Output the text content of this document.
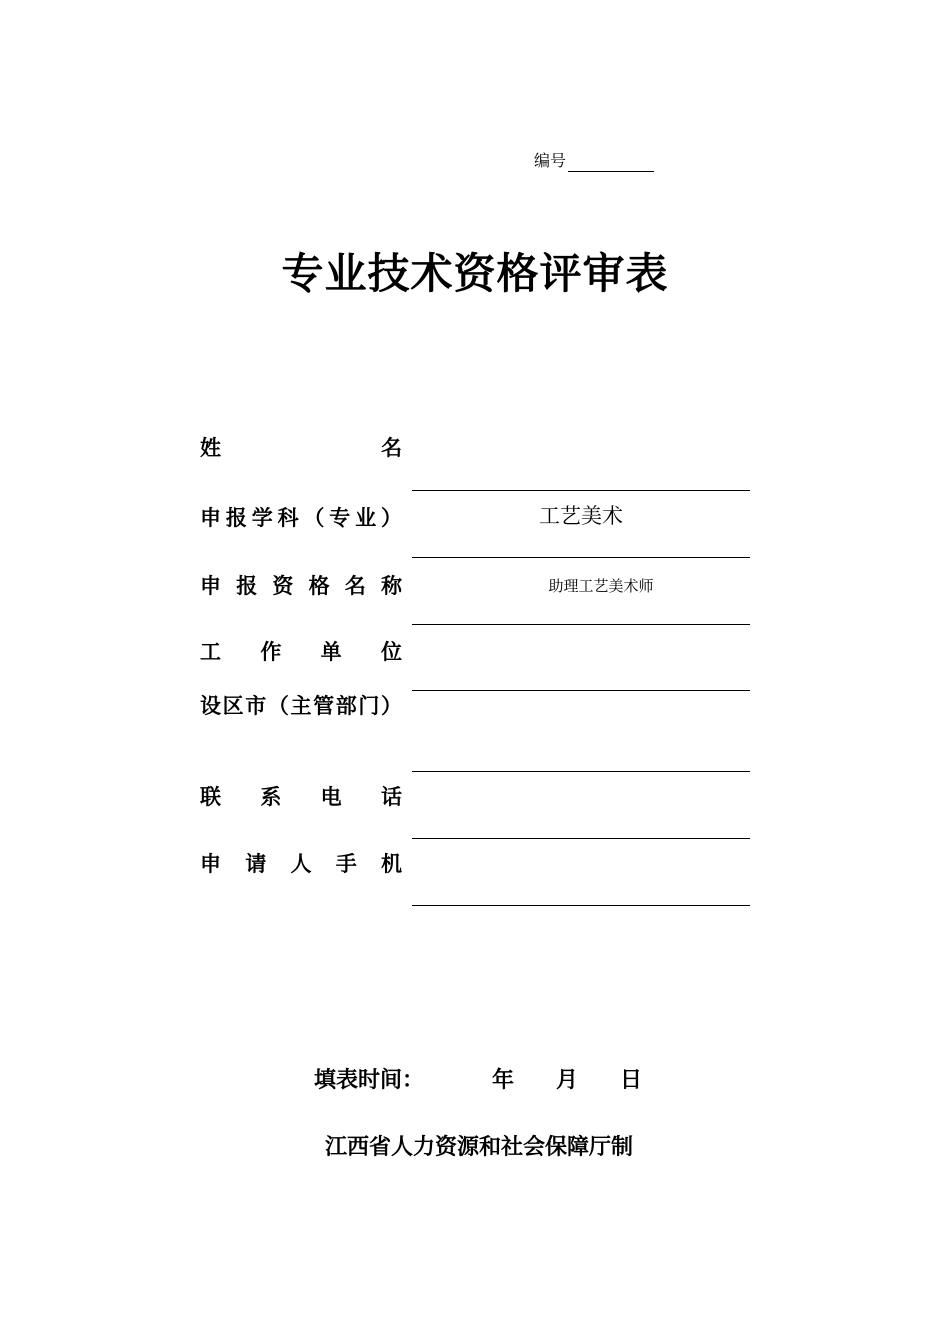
编号
专业技术资格评审表
姓名
申报学科（专业）	工艺美术
申报资格名称	助理工艺美术师
工作单位
设区市（主管部门）
联系电话
申请人手机
填表时间：	年 月 日
江西省人力资源和社会保障厅制
